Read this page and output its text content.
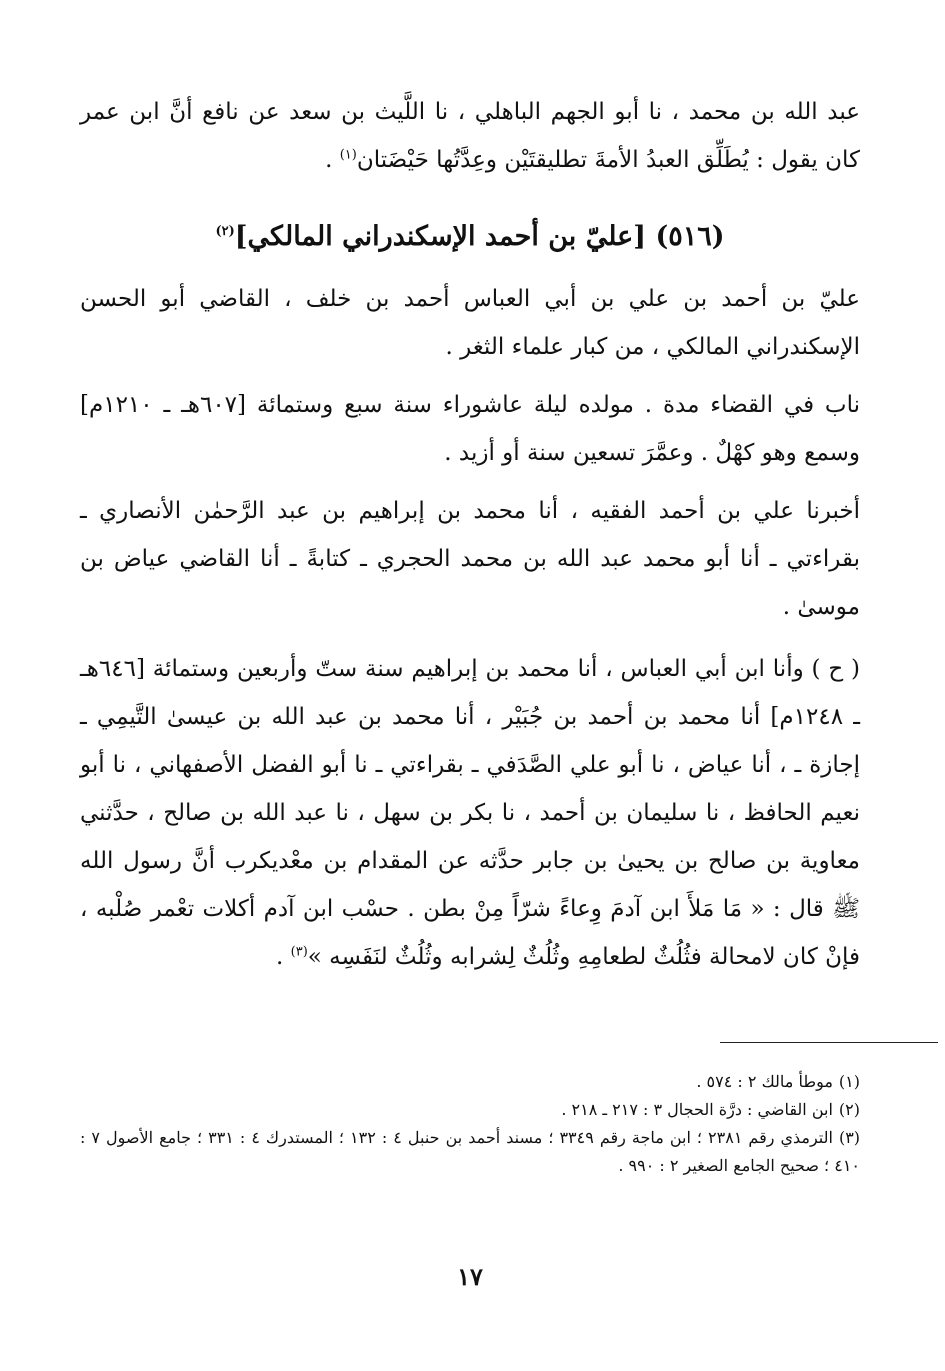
عبد الله بن محمد ، نا أبو الجهم الباهلي ، نا اللَّيث بن سعد عن نافع أنَّ ابن عمر كان يقول : يُطَلِّق العبدُ الأمةَ تطليقتَيْن وعِدَّتُها حَيْضَتان$^{(١)}$ .

(٥١٦) [عليّ بن أحمد الإسكندراني المالكي]$^{(٢)}$

عليّ بن أحمد بن علي بن أبي العباس أحمد بن خلف ، القاضي أبو الحسن الإسكندراني المالكي ، من كبار علماء الثغر .

ناب في القضاء مدة . مولده ليلة عاشوراء سنة سبع وستمائة [٦٠٧هـ ـ ١٢١٠م] وسمع وهو كهْلٌ . وعمَّرَ تسعين سنة أو أزيد .

أخبرنا علي بن أحمد الفقيه ، أنا محمد بن إبراهيم بن عبد الرَّحمٰن الأنصاري ـ بقراءتي ـ أنا أبو محمد عبد الله بن محمد الحجري ـ كتابةً ـ أنا القاضي عياض بن موسىٰ .

( ح ) وأنا ابن أبي العباس ، أنا محمد بن إبراهيم سنة ستّ وأربعين وستمائة [٦٤٦هـ ـ ١٢٤٨م] أنا محمد بن أحمد بن جُبَيْر ، أنا محمد بن عبد الله بن عيسىٰ التَّيمِي ـ إجازة ـ ، أنا عياض ، نا أبو علي الصَّدَفي ـ بقراءتي ـ نا أبو الفضل الأصفهاني ، نا أبو نعيم الحافظ ، نا سليمان بن أحمد ، نا بكر بن سهل ، نا عبد الله بن صالح ، حدَّثني معاوية بن صالح بن يحيىٰ بن جابر حدَّثه عن المقدام بن معْديكرب أنَّ رسول الله ﷺ قال : « مَا مَلأَ ابن آدمَ وِعاءً شرّاً مِنْ بطن . حسْب ابن آدم أكلات تعْمر صُلْبه ، فإنْ كان لامحالة فثُلُثٌ لطعامِهِ وثُلُثٌ لِشرابه وثُلُثٌ لنَفَسِه »$^{(٣)}$ .

(١)موطأ مالك ٢ : ٥٧٤ .

(٢)ابن القاضي : درَّة الحجال ٣ : ٢١٧ ـ ٢١٨ .

(٣)الترمذي رقم ٢٣٨١ ؛ ابن ماجة رقم ٣٣٤٩ ؛ مسند أحمد بن حنبل ٤ : ١٣٢ ؛ المستدرك ٤ : ٣٣١ ؛ جامع الأصول ٧ : ٤١٠ ؛ صحيح الجامع الصغير ٢ : ٩٩٠ .

١٧
